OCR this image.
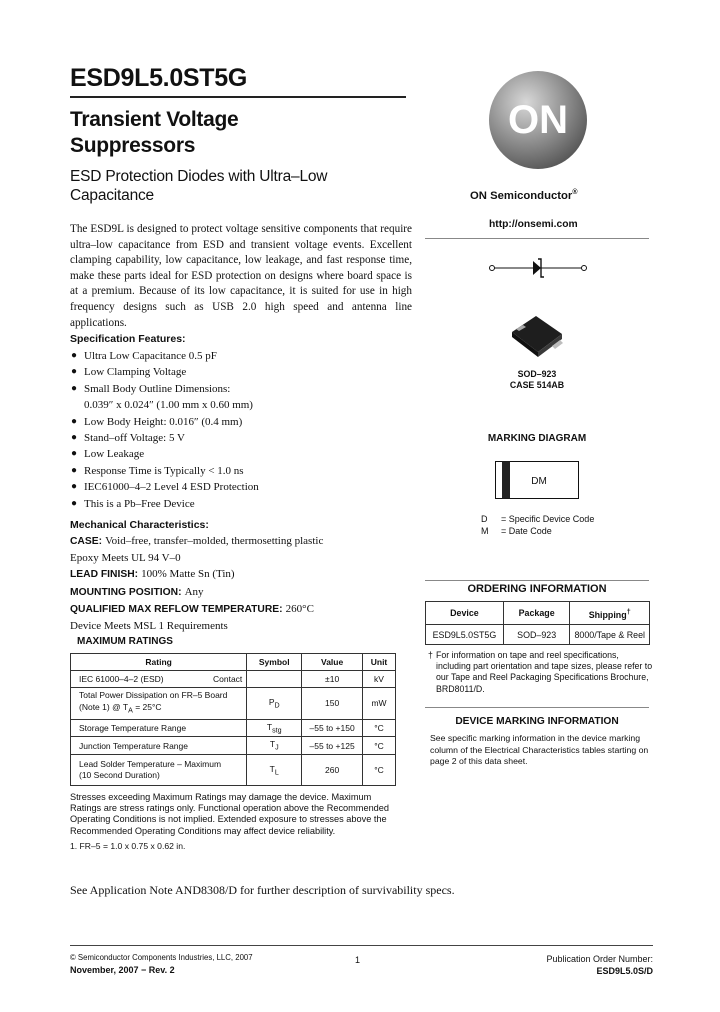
ESD9L5.0ST5G
Transient Voltage
Suppressors
ESD Protection Diodes with Ultra–Low
Capacitance

The ESD9L is designed to protect voltage sensitive components that require ultra–low capacitance from ESD and transient voltage events. Excellent clamping capability, low capacitance, low leakage, and fast response time, make these parts ideal for ESD protection on designs where board space is at a premium. Because of its low capacitance, it is suited for use in high frequency designs such as USB 2.0 high speed and antenna line applications.

Specification Features:
● Ultra Low Capacitance 0.5 pF
● Low Clamping Voltage
● Small Body Outline Dimensions:
0.039″ x 0.024″ (1.00 mm x 0.60 mm)
● Low Body Height: 0.016″ (0.4 mm)
● Stand–off Voltage: 5 V
● Low Leakage
● Response Time is Typically < 1.0 ns
● IEC61000–4–2 Level 4 ESD Protection
● This is a Pb–Free Device
Mechanical Characteristics:
CASE: Void–free, transfer–molded, thermosetting plastic
Epoxy Meets UL 94 V–0
LEAD FINISH: 100% Matte Sn (Tin)
MOUNTING POSITION: Any
QUALIFIED MAX REFLOW TEMPERATURE: 260°C
Device Meets MSL 1 Requirements
MAXIMUM RATINGS
Rating	Symbol	Value	Unit
IEC 61000–4–2 (ESD) Contact		±10	kV
Total Power Dissipation on FR–5 Board
(Note 1) @ $T_A = 25^\circ C$	$P_D$	150	mW
Storage Temperature Range	$T_{stg}$	–55 to +150	°C
Junction Temperature Range	$T_J$	–55 to +125	°C
Lead Solder Temperature – Maximum
(10 Second Duration)	$T_L$	260	°C

Stresses exceeding Maximum Ratings may damage the device. Maximum Ratings are stress ratings only. Functional operation above the Recommended Operating Conditions is not implied. Extended exposure to stresses above the Recommended Operating Conditions may affect device reliability.

1. FR–5 = 1.0 x 0.75 x 0.62 in.
See Application Note AND8308/D for further description of survivability specs.
ON
ON Semiconductor®
http://onsemi.com
SOD–923
CASE 514AB
MARKING DIAGRAM
DM
D = Specific Device Code
M = Date Code
ORDERING INFORMATION
Device	Package	Shipping†
ESD9L5.0ST5G	SOD–923	8000/Tape & Reel
† For information on tape and reel specifications, including part orientation and tape sizes, please refer to our Tape and Reel Packaging Specifications Brochure, BRD8011/D.
DEVICE MARKING INFORMATION

See specific marking information in the device marking column of the Electrical Characteristics tables starting on page 2 of this data sheet.

© Semiconductor Components Industries, LLC, 2007
November, 2007 − Rev. 2
1	Publication Order Number:
ESD9L5.0S/D
